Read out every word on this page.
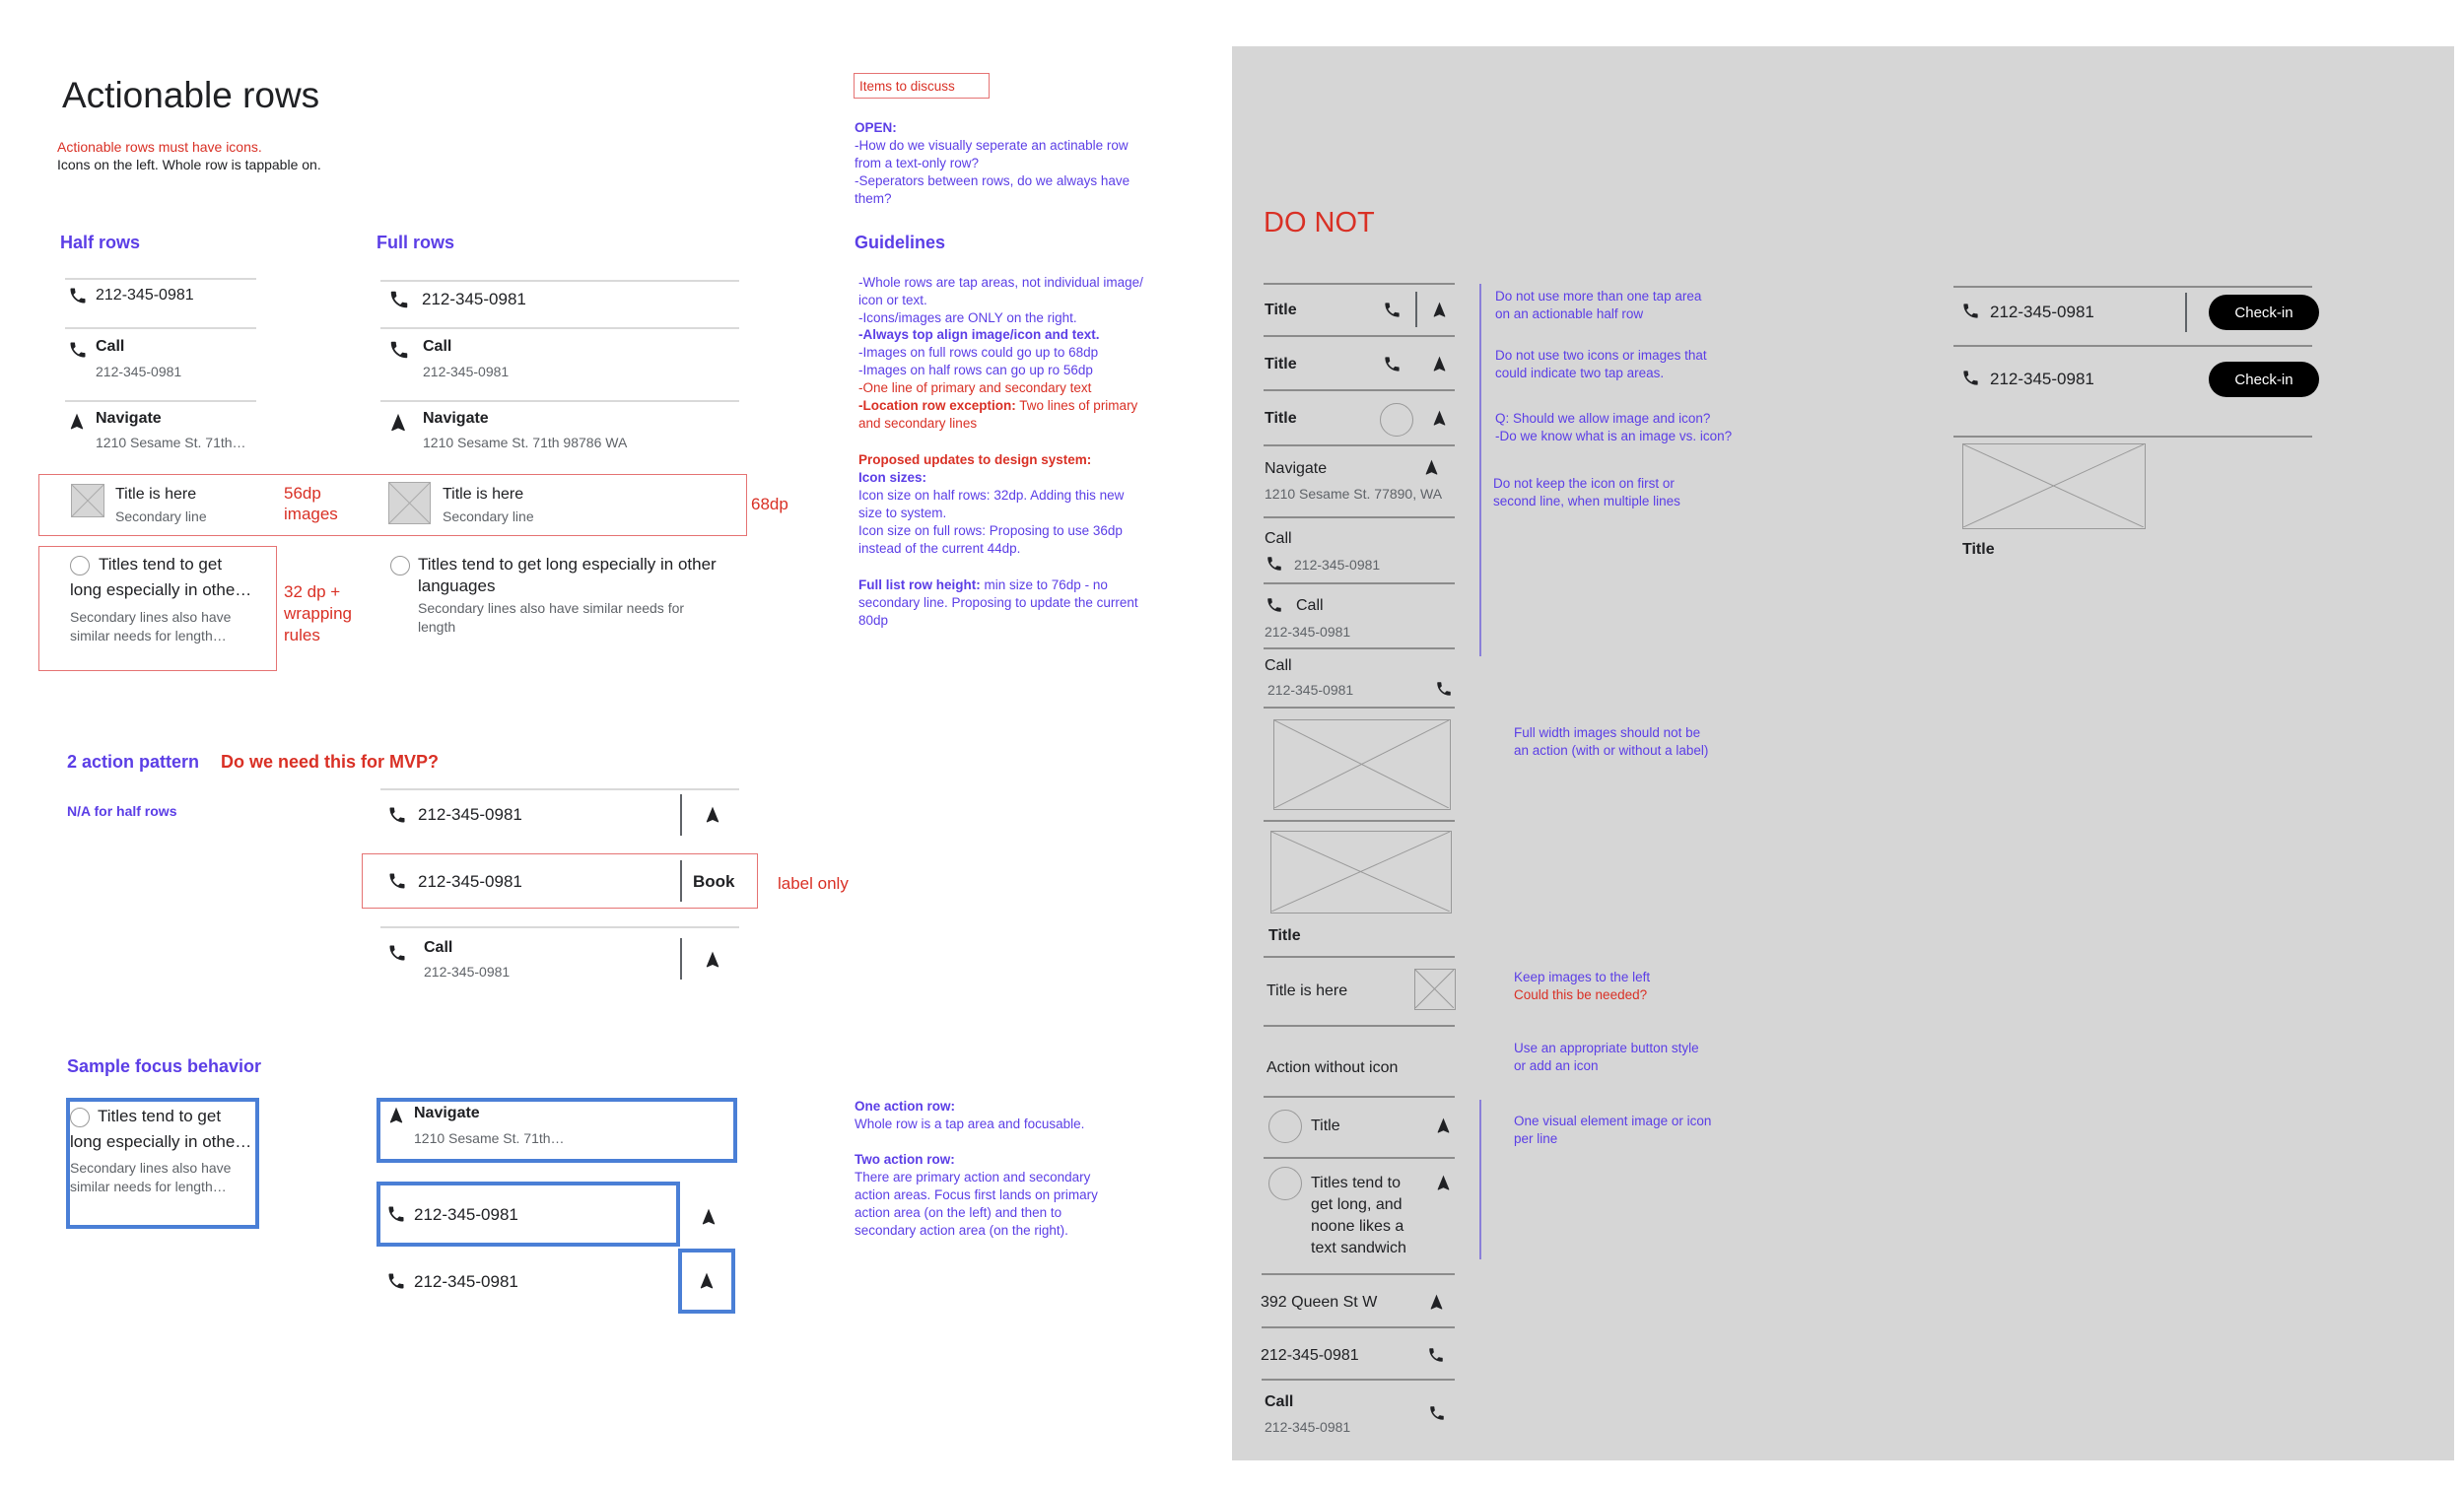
Actionable rows
Actionable rows must have icons.
Icons on the left. Whole row is tappable on.
Half rows
212-345-0981
Call
212-345-0981
Navigate
1210 Sesame St. 71th…
Title is here
Secondary line
56dp
images
Titles tend to get
long especially in othe…
Secondary lines also have
similar needs for length…
32 dp +
wrapping
rules
Full rows
212-345-0981
Call
212-345-0981
Navigate
1210 Sesame St. 71th 98786 WA
Title is here
Secondary line
68dp
Titles tend to get long especially in other
languages
Secondary lines also have similar needs for
length
2 action pattern Do we need this for MVP?
N/A for half rows	212-345-0981
212-345-0981	Book	label only
Call
212-345-0981
Sample focus behavior
Titles tend to get
long especially in othe…
Secondary lines also have
similar needs for length…
Navigate
1210 Sesame St. 71th…
212-345-0981
212-345-0981
Items to discuss
OPEN:
-How do we visually seperate an actinable row
from a text-only row?
-Seperators between rows, do we always have
them?
Guidelines
-Whole rows are tap areas, not individual image/
icon or text.
-Icons/images are ONLY on the right.
-Always top align image/icon and text.
-Images on full rows could go up to 68dp
-Images on half rows can go up ro 56dp
-One line of primary and secondary text
-Location row exception: Two lines of primary
and secondary lines
Proposed updates to design system:
Icon sizes:
Icon size on half rows: 32dp. Adding this new
size to system.
Icon size on full rows: Proposing to use 36dp
instead of the current 44dp.
Full list row height: min size to 76dp - no
secondary line. Proposing to update the current
80dp
One action row:
Whole row is a tap area and focusable.
Two action row:
There are primary action and secondary
action areas. Focus first lands on primary
action area (on the left) and then to
secondary action area (on the right).
DO NOT
Title
Title
Title
Navigate
1210 Sesame St. 77890, WA
Call
212-345-0981
Call
212-345-0981
Call
212-345-0981
Title
Title is here
Action without icon
Title
Titles tend to
get long, and
noone likes a
text sandwich
392 Queen St W
212-345-0981
Call
212-345-0981
Do not use more than one tap area
on an actionable half row
Do not use two icons or images that
could indicate two tap areas.
Q: Should we allow image and icon?
-Do we know what is an image vs. icon?
Do not keep the icon on first or
second line, when multiple lines
Full width images should not be
an action (with or without a label)
Keep images to the left
Could this be needed?
Use an appropriate button style
or add an icon
One visual element image or icon
per line
212-345-0981	Check-in
212-345-0981	Check-in
Title
